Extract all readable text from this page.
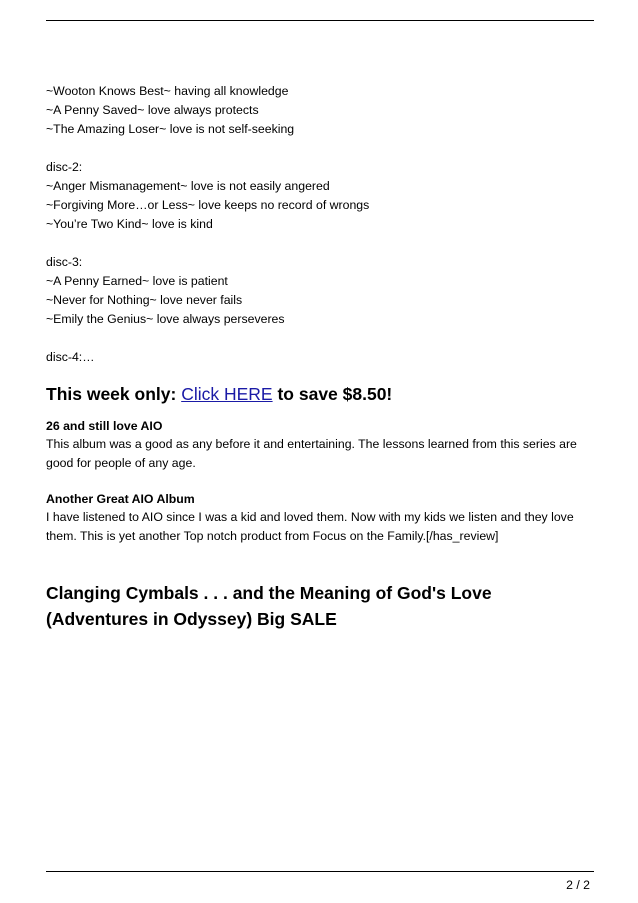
~Wooton Knows Best~ having all knowledge
~A Penny Saved~ love always protects
~The Amazing Loser~ love is not self-seeking
disc-2:
~Anger Mismanagement~ love is not easily angered
~Forgiving More…or Less~ love keeps no record of wrongs
~You’re Two Kind~ love is kind
disc-3:
~A Penny Earned~ love is patient
~Never for Nothing~ love never fails
~Emily the Genius~ love always perseveres
disc-4:…
This week only: Click HERE to save $8.50!
26 and still love AIO
This album was a good as any before it and entertaining. The lessons learned from this series are good for people of any age.
Another Great AIO Album
I have listened to AIO since I was a kid and loved them. Now with my kids we listen and they love them. This is yet another Top notch product from Focus on the Family.[/has_review]
Clanging Cymbals . . . and the Meaning of God's Love (Adventures in Odyssey) Big SALE
2 / 2
